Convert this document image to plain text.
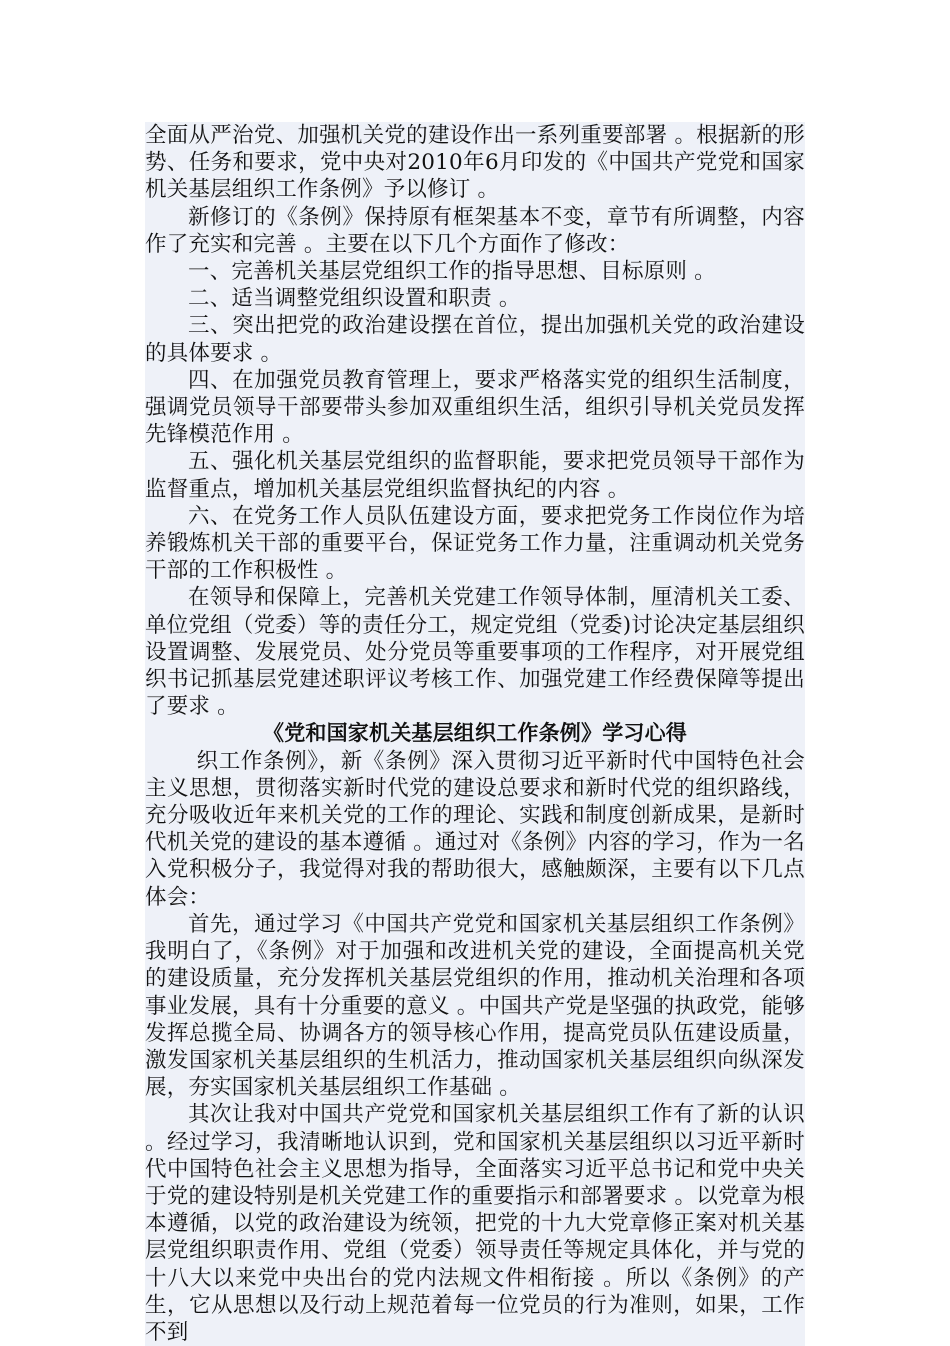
全面从严治党、加强机关党的建设作出一系列重要部署 。根据新的形势、任务和要求，党中央对2010年6月印发的《中国共产党党和国家机关基层组织工作条例》予以修订 。

新修订的《条例》保持原有框架基本不变，章节有所调整，内容作了充实和完善 。主要在以下几个方面作了修改：

一、完善机关基层党组织工作的指导思想、目标原则 。

二、适当调整党组织设置和职责 。

三、突出把党的政治建设摆在首位，提出加强机关党的政治建设的具体要求 。

四、在加强党员教育管理上，要求严格落实党的组织生活制度，强调党员领导干部要带头参加双重组织生活，组织引导机关党员发挥先锋模范作用 。

五、强化机关基层党组织的监督职能，要求把党员领导干部作为监督重点，增加机关基层党组织监督执纪的内容 。

六、在党务工作人员队伍建设方面，要求把党务工作岗位作为培养锻炼机关干部的重要平台，保证党务工作力量，注重调动机关党务干部的工作积极性 。

在领导和保障上，完善机关党建工作领导体制，厘清机关工委、单位党组（党委）等的责任分工，规定党组（党委)讨论决定基层组织设置调整、发展党员、处分党员等重要事项的工作程序，对开展党组织书记抓基层党建述职评议考核工作、加强党建工作经费保障等提出了要求 。

《党和国家机关基层组织工作条例》学习心得

织工作条例》，新《条例》深入贯彻习近平新时代中国特色社会主义思想，贯彻落实新时代党的建设总要求和新时代党的组织路线，充分吸收近年来机关党的工作的理论、实践和制度创新成果，是新时代机关党的建设的基本遵循 。通过对《条例》内容的学习，作为一名入党积极分子，我觉得对我的帮助很大，感触颇深，主要有以下几点体会：

首先，通过学习《中国共产党党和国家机关基层组织工作条例》我明白了，《条例》对于加强和改进机关党的建设，全面提高机关党的建设质量，充分发挥机关基层党组织的作用，推动机关治理和各项事业发展，具有十分重要的意义 。中国共产党是坚强的执政党，能够发挥总揽全局、协调各方的领导核心作用，提高党员队伍建设质量，激发国家机关基层组织的生机活力，推动国家机关基层组织向纵深发展，夯实国家机关基层组织工作基础 。

其次让我对中国共产党党和国家机关基层组织工作有了新的认识 。经过学习，我清晰地认识到，党和国家机关基层组织以习近平新时代中国特色社会主义思想为指导，全面落实习近平总书记和党中央关于党的建设特别是机关党建工作的重要指示和部署要求 。以党章为根本遵循，以党的政治建设为统领，把党的十九大党章修正案对机关基层党组织职责作用、党组（党委）领导责任等规定具体化，并与党的十八大以来党中央出台的党内法规文件相衔接 。所以《条例》的产生，它从思想以及行动上规范着每一位党员的行为准则，如果，工作不到
